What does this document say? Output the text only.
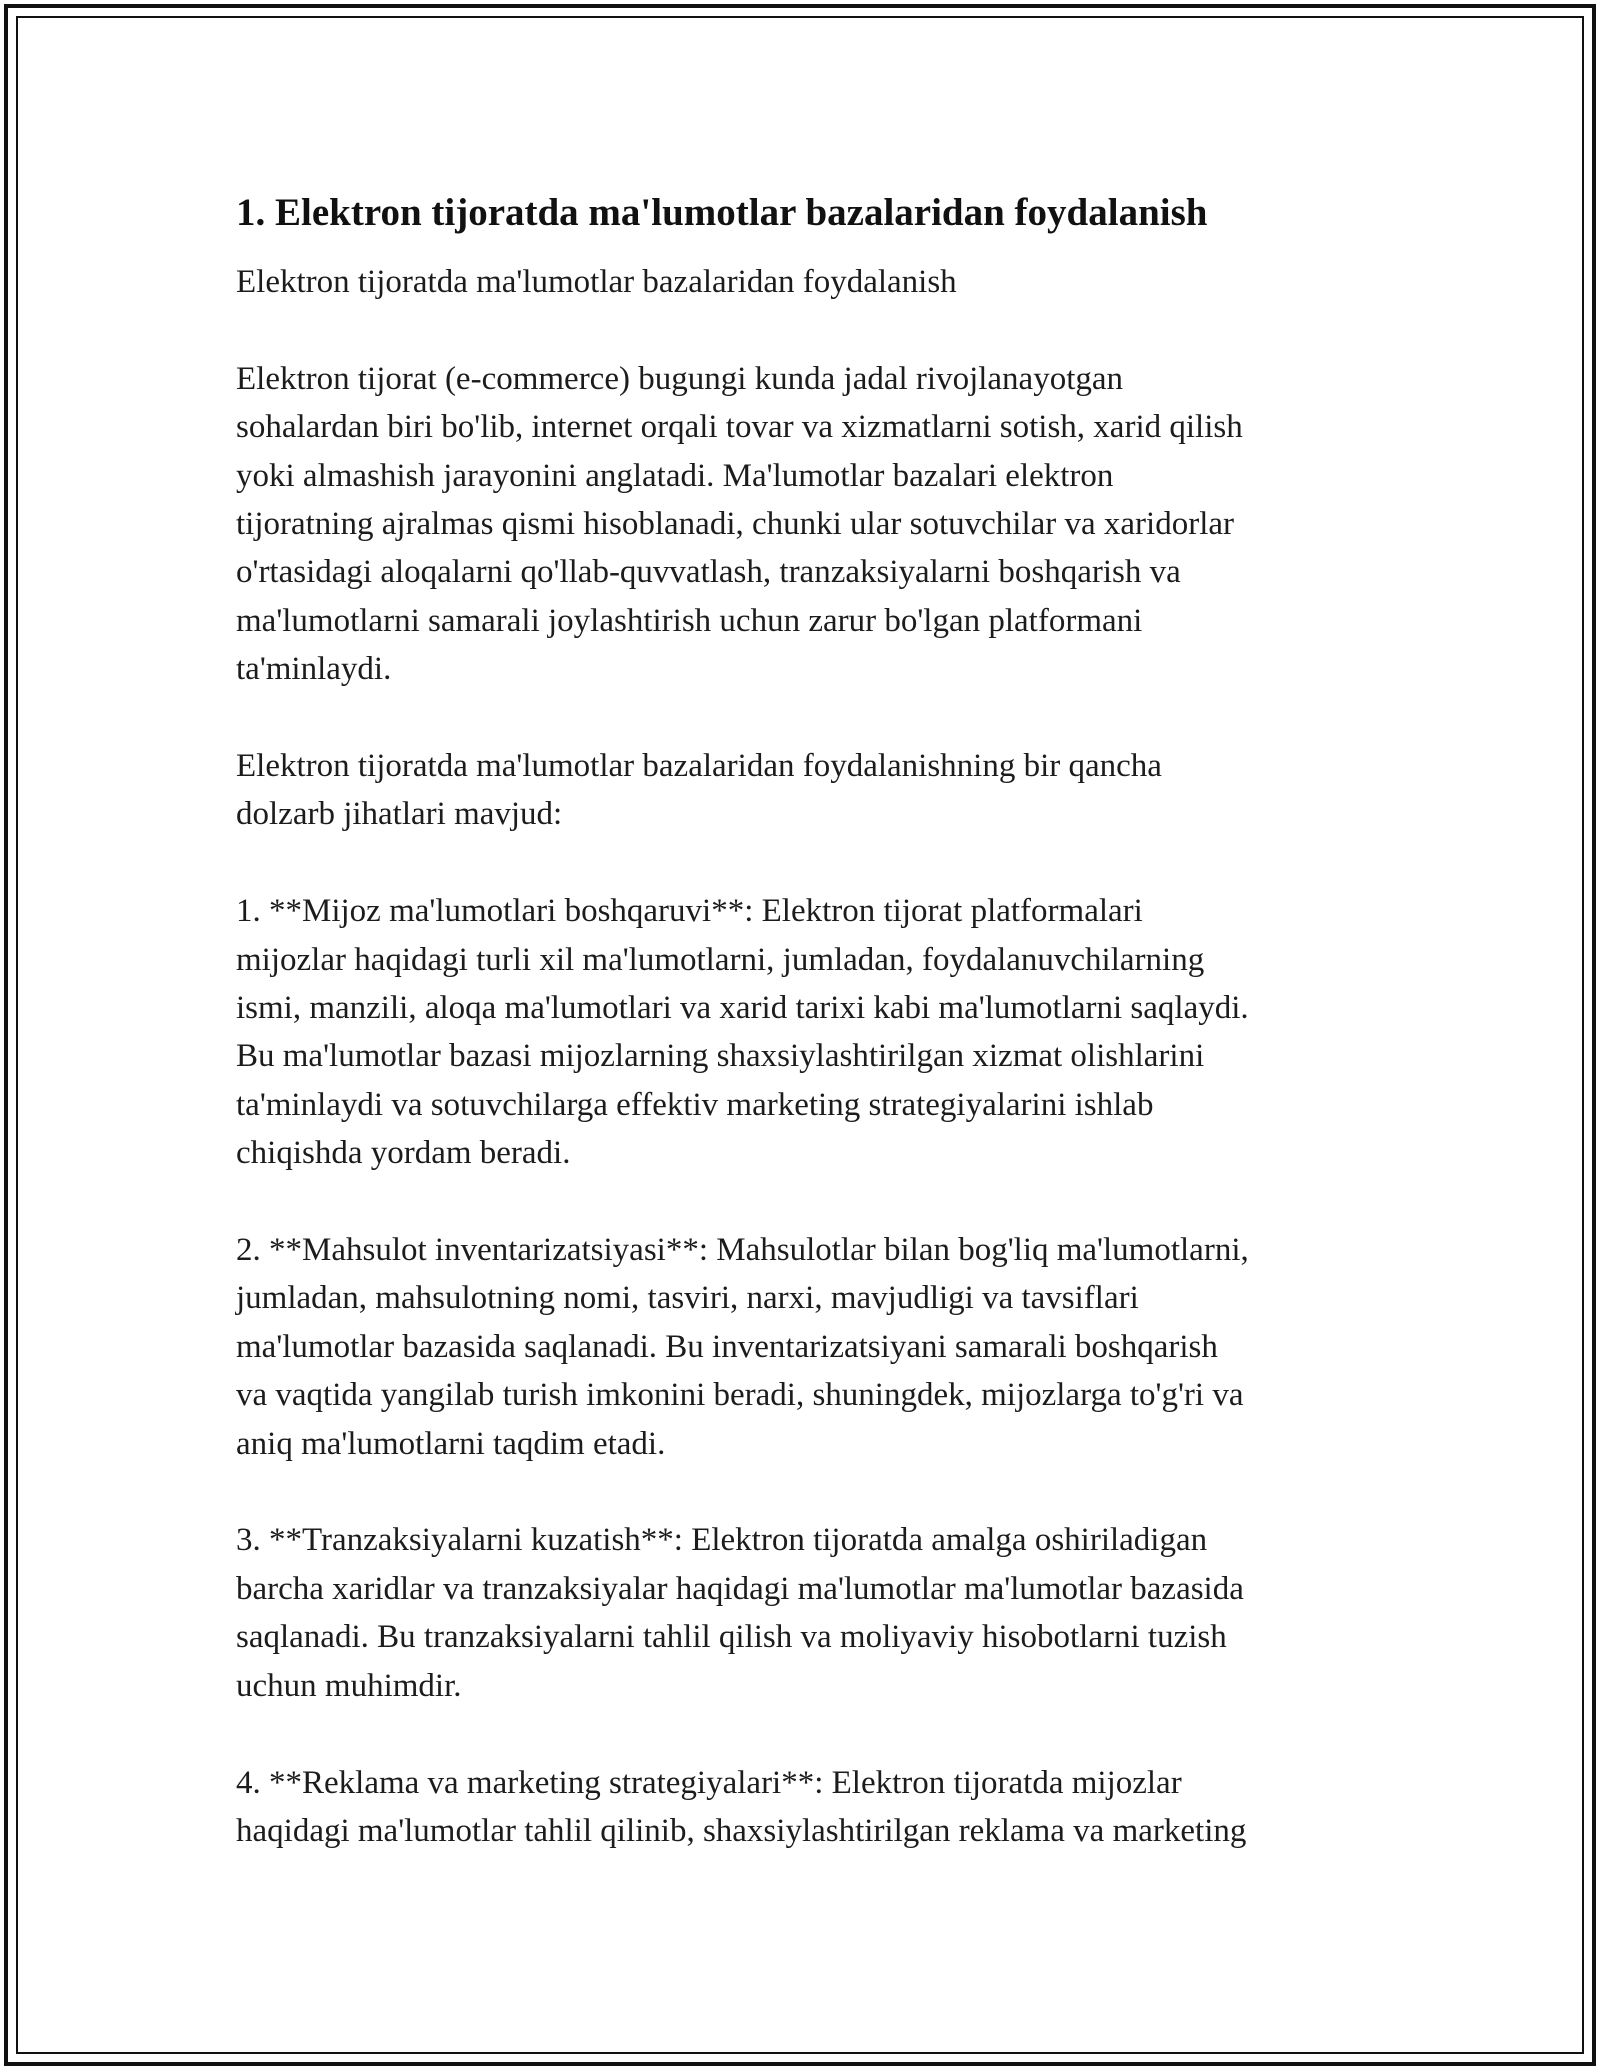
1. Elektron tijoratda ma'lumotlar bazalaridan foydalanish

Elektron tijoratda ma'lumotlar bazalaridan foydalanish

Elektron tijorat (e-commerce) bugungi kunda jadal rivojlanayotgan
sohalardan biri bo'lib, internet orqali tovar va xizmatlarni sotish, xarid qilish
yoki almashish jarayonini anglatadi. Ma'lumotlar bazalari elektron
tijoratning ajralmas qismi hisoblanadi, chunki ular sotuvchilar va xaridorlar
o'rtasidagi aloqalarni qo'llab-quvvatlash, tranzaksiyalarni boshqarish va
ma'lumotlarni samarali joylashtirish uchun zarur bo'lgan platformani
ta'minlaydi.

Elektron tijoratda ma'lumotlar bazalaridan foydalanishning bir qancha
dolzarb jihatlari mavjud:

1. **Mijoz ma'lumotlari boshqaruvi**: Elektron tijorat platformalari
mijozlar haqidagi turli xil ma'lumotlarni, jumladan, foydalanuvchilarning
ismi, manzili, aloqa ma'lumotlari va xarid tarixi kabi ma'lumotlarni saqlaydi.
Bu ma'lumotlar bazasi mijozlarning shaxsiylashtirilgan xizmat olishlarini
ta'minlaydi va sotuvchilarga effektiv marketing strategiyalarini ishlab
chiqishda yordam beradi.

2. **Mahsulot inventarizatsiyasi**: Mahsulotlar bilan bog'liq ma'lumotlarni,
jumladan, mahsulotning nomi, tasviri, narxi, mavjudligi va tavsiflari
ma'lumotlar bazasida saqlanadi. Bu inventarizatsiyani samarali boshqarish
va vaqtida yangilab turish imkonini beradi, shuningdek, mijozlarga to'g'ri va
aniq ma'lumotlarni taqdim etadi.

3. **Tranzaksiyalarni kuzatish**: Elektron tijoratda amalga oshiriladigan
barcha xaridlar va tranzaksiyalar haqidagi ma'lumotlar ma'lumotlar bazasida
saqlanadi. Bu tranzaksiyalarni tahlil qilish va moliyaviy hisobotlarni tuzish
uchun muhimdir.

4. **Reklama va marketing strategiyalari**: Elektron tijoratda mijozlar
haqidagi ma'lumotlar tahlil qilinib, shaxsiylashtirilgan reklama va marketing
